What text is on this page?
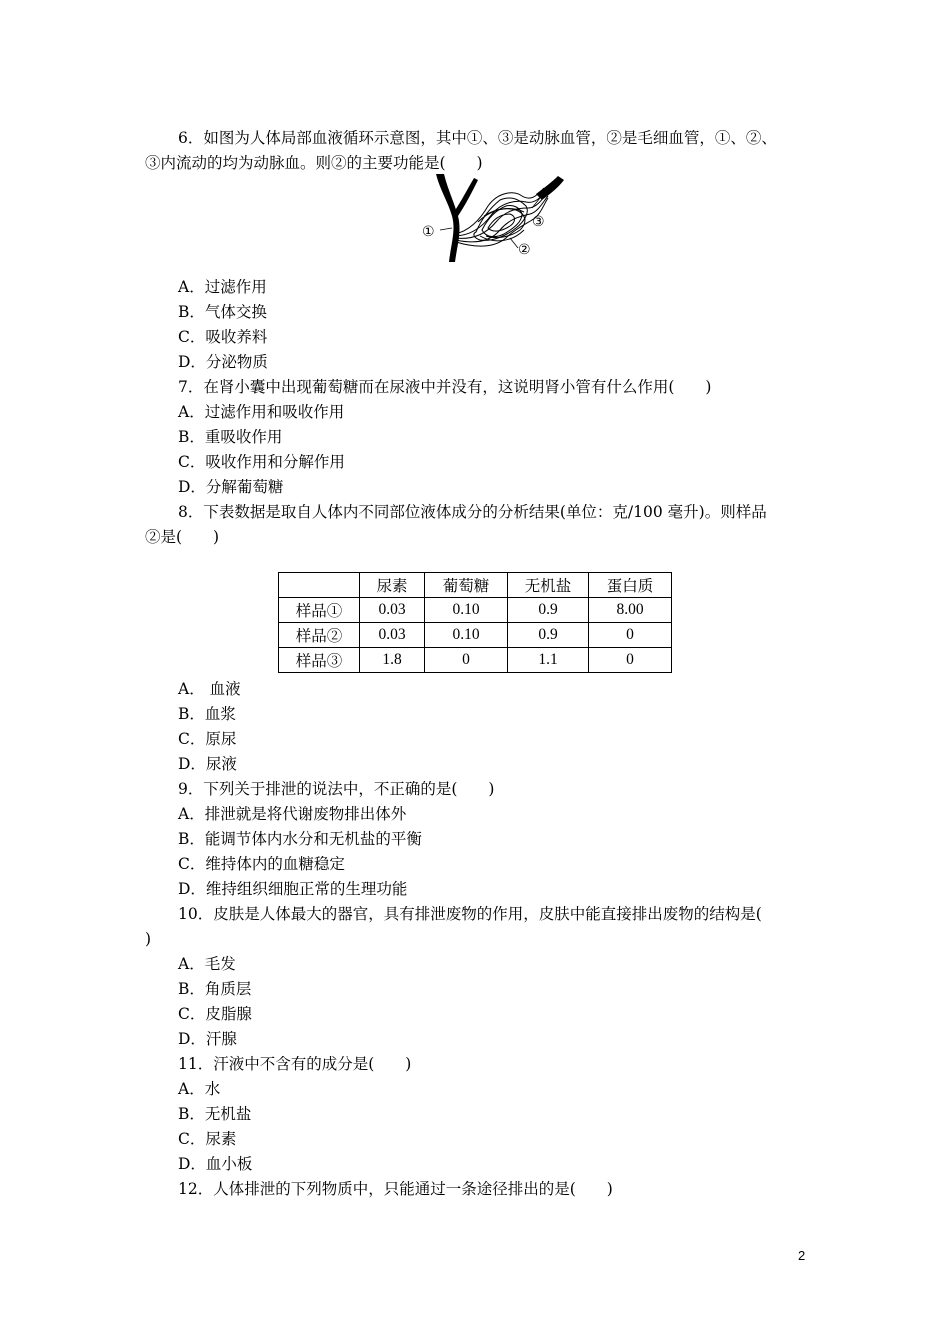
6．如图为人体局部血液循环示意图，其中①、③是动脉血管，②是毛细血管，①、②、
③内流动的均为动脉血。则②的主要功能是(　　)
①
③
②
A．过滤作用
B．气体交换
C．吸收养料
D．分泌物质
7．在肾小囊中出现葡萄糖而在尿液中并没有，这说明肾小管有什么作用(　　)
A．过滤作用和吸收作用
B．重吸收作用
C．吸收作用和分解作用
D．分解葡萄糖
8．下表数据是取自人体内不同部位液体成分的分析结果(单位：克/100 毫升)。则样品
②是(　　)
	尿素	葡萄糖	无机盐	蛋白质
样品①	0.03	0.10	0.9	8.00
样品②	0.03	0.10	0.9	0
样品③	1.8	0	1.1	0
A． 血液
B．血浆
C．原尿
D．尿液
9．下列关于排泄的说法中，不正确的是(　　)
A．排泄就是将代谢废物排出体外
B．能调节体内水分和无机盐的平衡
C．维持体内的血糖稳定
D．维持组织细胞正常的生理功能
10．皮肤是人体最大的器官，具有排泄废物的作用，皮肤中能直接排出废物的结构是(
)
A．毛发
B．角质层
C．皮脂腺
D．汗腺
11．汗液中不含有的成分是(　　)
A．水
B．无机盐
C．尿素
D．血小板
12．人体排泄的下列物质中，只能通过一条途径排出的是(　　)
2
